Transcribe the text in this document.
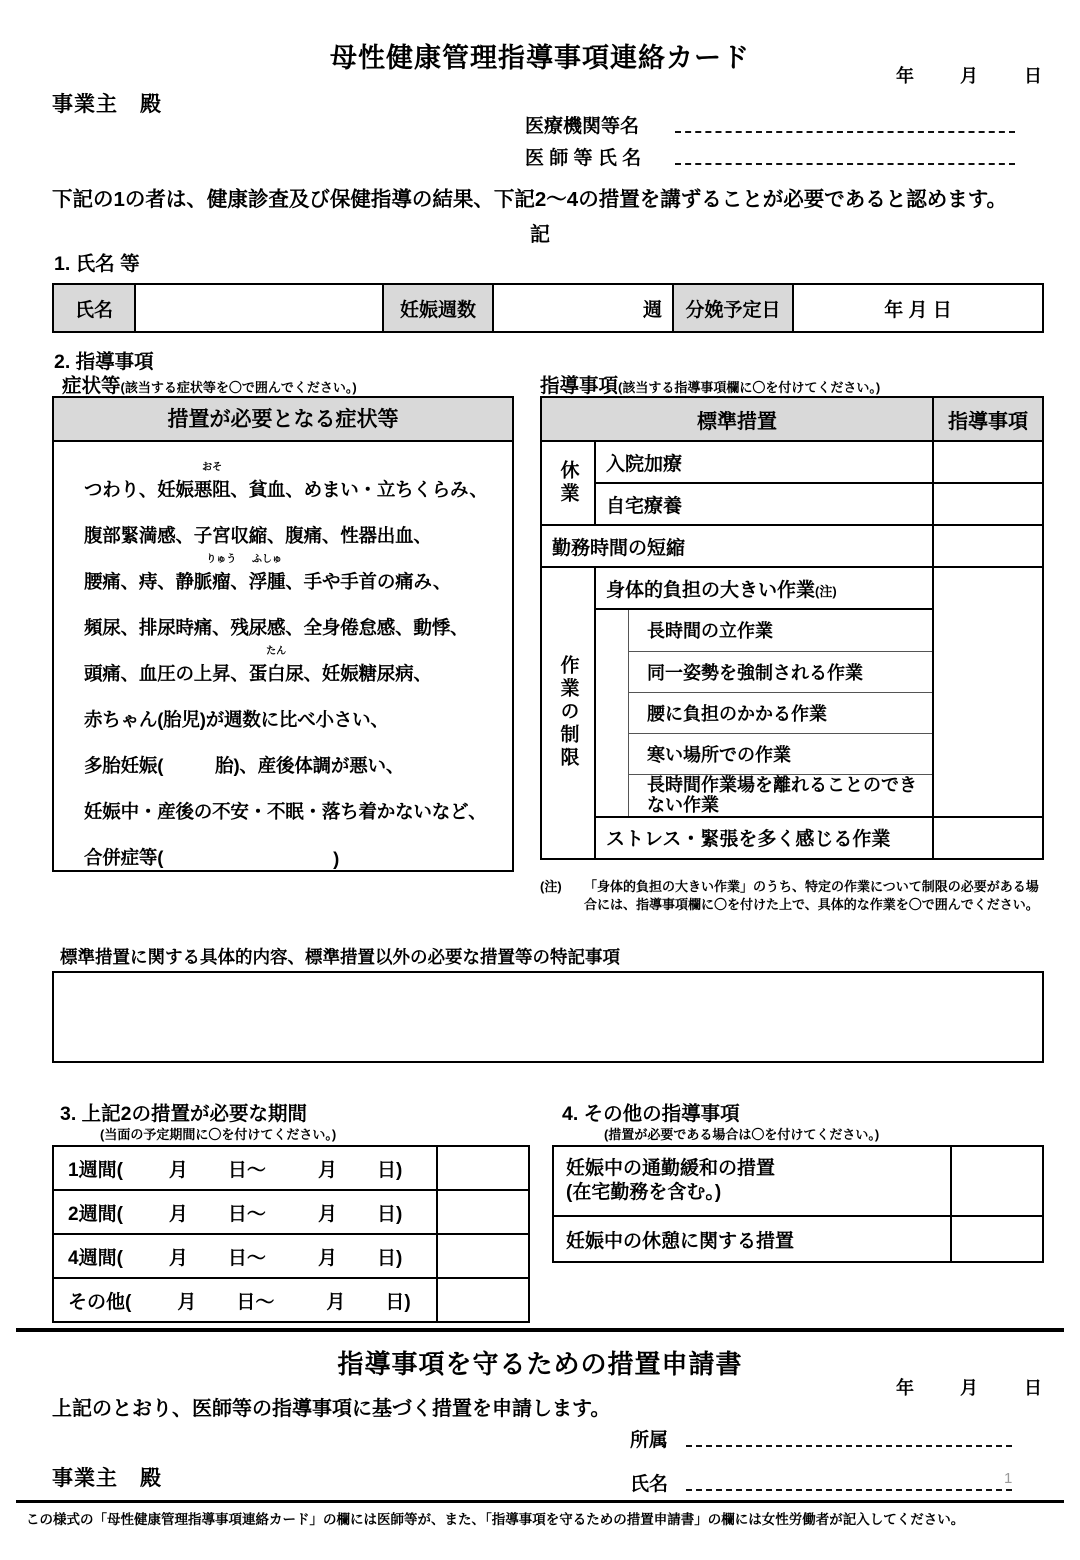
母性健康管理指導事項連絡カード
年	月	日
事業主　殿
医療機関等名
医 師 等 氏 名
下記の1の者は、健康診査及び保健指導の結果、下記2～4の措置を講ずることが必要であると認めます。
記
1. 氏名 等
氏名		妊娠週数	週	分娩予定日	年 月 日
2. 指導事項
症状等(該当する症状等を〇で囲んでください。)	指導事項(該当する指導事項欄に〇を付けてください。)
措置が必要となる症状等
つわり、妊娠 悪阻
おそ
、貧血、めまい・立ちくらみ、
腹部緊満感、子宮収縮、腹痛、性器出血、
腰痛、痔、静脈 瘤
りゅう
、 浮腫
ふしゅ
、手や手首の痛み、
頻尿、排尿時痛、残尿感、全身倦怠感、動悸、
頭痛、血圧の上昇、 蛋白尿
たん
、妊娠糖尿病、
赤ちゃん(胎児)が週数に比べ小さい、
多胎妊娠(	胎)、産後体調が悪い、
妊娠中・産後の不安・不眠・落ち着かないなど、
合併症等(	)
標準措置	指導事項
休業	入院加療	
自宅療養	
勤務時間の短縮	
作業の制限	身体的負担の大きい作業(注)	

長時間の立作業
同一姿勢を強制される作業
腰に負担のかかる作業
寒い場所での作業
長時間作業場を離れることのできない作業

ストレス・緊張を多く感じる作業	
(注)	「身体的負担の大きい作業」のうち、特定の作業について制限の必要がある場合には、指導事項欄に〇を付けた上で、具体的な作業を〇で囲んでください。
標準措置に関する具体的内容、標準措置以外の必要な措置等の特記事項
3. 上記2の措置が必要な期間
(当面の予定期間に〇を付けてください。)
1週間( 月 日～ 月 日)	

2週間( 月 日～ 月 日)	

4週間( 月 日～ 月 日)	

その他( 月 日～ 月 日)	

4. その他の指導事項
(措置が必要である場合は〇を付けてください。)
妊娠中の通勤緩和の措置
(在宅勤務を含む。)	

妊娠中の休憩に関する措置	
指導事項を守るための措置申請書
年	月	日
上記のとおり、医師等の指導事項に基づく措置を申請します。
所属
氏名
事業主　殿	1
この様式の「母性健康管理指導事項連絡カード」の欄には医師等が、また、「指導事項を守るための措置申請書」の欄には女性労働者が記入してください。
